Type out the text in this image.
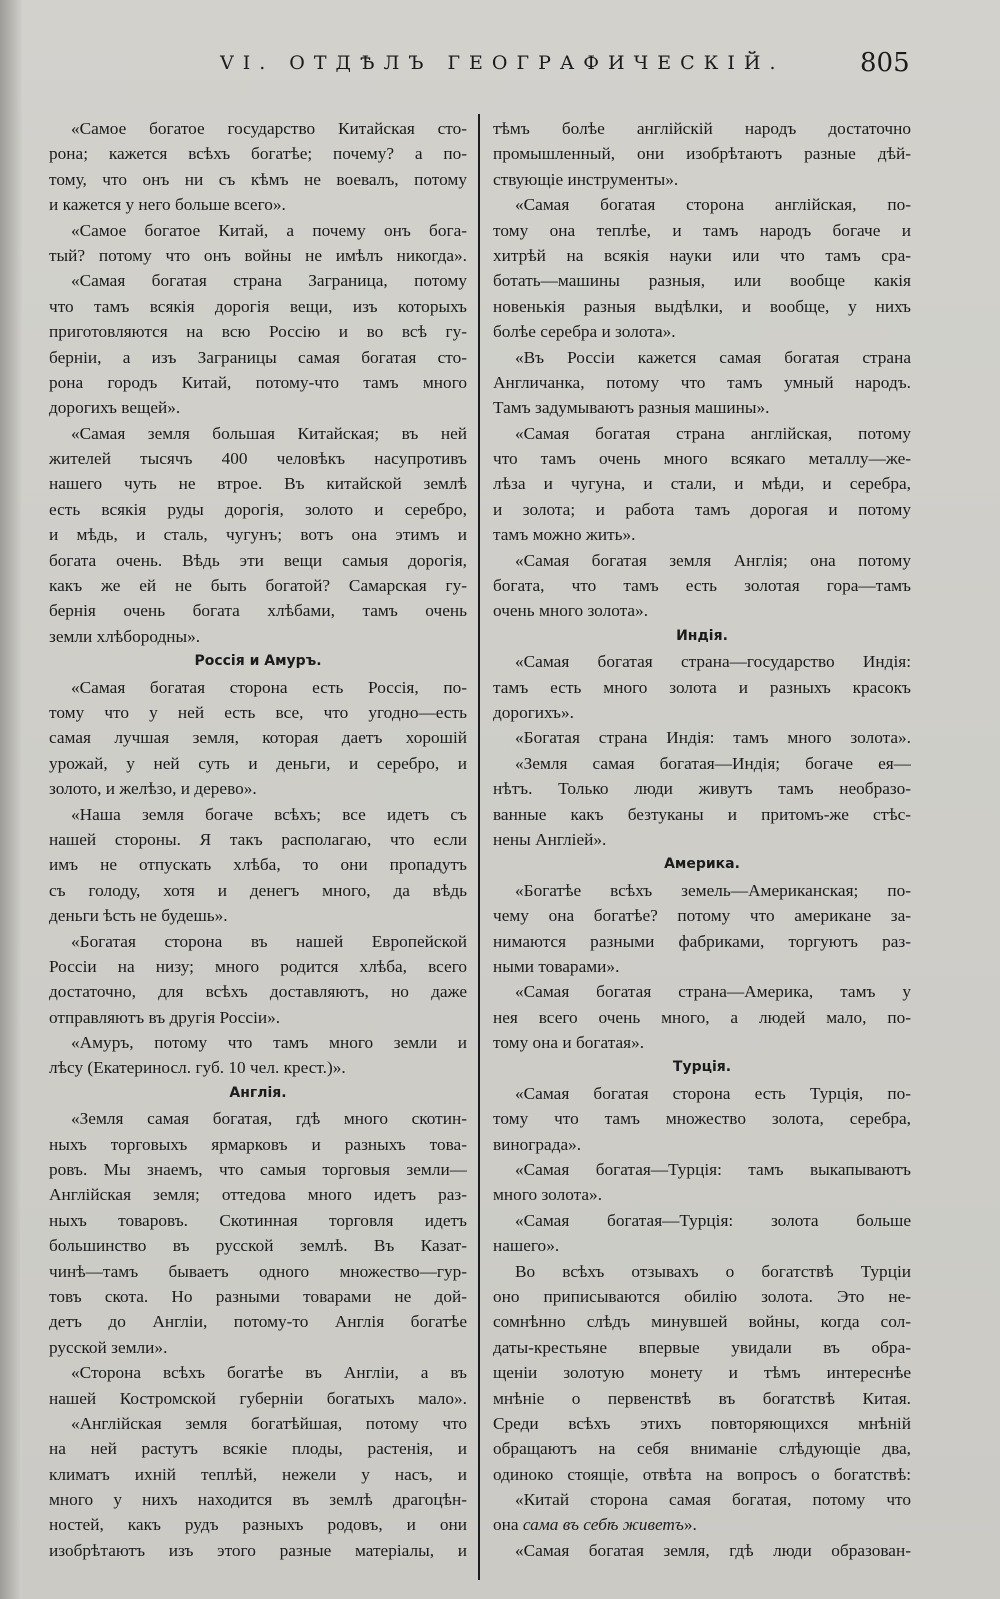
VI. ОТДѢЛЪ ГЕОГРАФИЧЕСКІЙ.	805
«Самое богатое государство Китайская сто-
рона; кажется всѣхъ богатѣе; почему? а по-
тому, что онъ ни съ кѣмъ не воевалъ, потому
и кажется у него больше всего».
«Самое богатое Китай, а почему онъ бога-
тый? потому что онъ войны не имѣлъ никогда».
«Самая богатая страна Заграница, потому
что тамъ всякія дорогія вещи, изъ которыхъ
приготовляются на всю Россію и во всѣ гу-
берніи, а изъ Заграницы самая богатая сто-
рона городъ Китай, потому-что тамъ много
дорогихъ вещей».
«Самая земля большая Китайская; въ ней
жителей тысячъ 400 человѣкъ насупротивъ
нашего чуть не втрое. Въ китайской землѣ
есть всякія руды дорогія, золото и серебро,
и мѣдь, и сталь, чугунъ; вотъ она этимъ и
богата очень. Вѣдь эти вещи самыя дорогія,
какъ же ей не быть богатой? Самарская гу-
бернія очень богата хлѣбами, тамъ очень
земли хлѣбородны».
Россія и Амуръ.
«Самая богатая сторона есть Россія, по-
тому что у ней есть все, что угодно—есть
самая лучшая земля, которая даетъ хорошій
урожай, у ней суть и деньги, и серебро, и
золото, и желѣзо, и дерево».
«Наша земля богаче всѣхъ; все идетъ съ
нашей стороны. Я такъ располагаю, что если
имъ не отпускать хлѣба, то они пропадутъ
съ голоду, хотя и денегъ много, да вѣдь
деньги ѣсть не будешь».
«Богатая сторона въ нашей Европейской
Россіи на низу; много родится хлѣба, всего
достаточно, для всѣхъ доставляютъ, но даже
отправляютъ въ другія Россіи».
«Амуръ, потому что тамъ много земли и
лѣсу (Екатериносл. губ. 10 чел. крест.)».
Англія.
«Земля самая богатая, гдѣ много скотин-
ныхъ торговыхъ ярмарковъ и разныхъ това-
ровъ. Мы знаемъ, что самыя торговыя земли—
Англійская земля; оттедова много идетъ раз-
ныхъ товаровъ. Скотинная торговля идетъ
большинство въ русской землѣ. Въ Казат-
чинѣ—тамъ бываетъ одного множество—гур-
товъ скота. Но разными товарами не дой-
детъ до Англіи, потому-то Англія богатѣе
русской земли».
«Сторона всѣхъ богатѣе въ Англіи, а въ
нашей Костромской губерніи богатыхъ мало».
«Англійская земля богатѣйшая, потому что
на ней растутъ всякіе плоды, растенія, и
климатъ ихній теплѣй, нежели у насъ, и
много у нихъ находится въ землѣ драгоцѣн-
ностей, какъ рудъ разныхъ родовъ, и они
изобрѣтаютъ изъ этого разные матеріалы, и
тѣмъ болѣе англійскій народъ достаточно
промышленный, они изобрѣтаютъ разные дѣй-
ствующіе инструменты».
«Самая богатая сторона англійская, по-
тому она теплѣе, и тамъ народъ богаче и
хитрѣй на всякія науки или что тамъ сра-
ботать—машины разныя, или вообще какія
новенькія разныя выдѣлки, и вообще, у нихъ
болѣе серебра и золота».
«Въ Россіи кажется самая богатая страна
Англичанка, потому что тамъ умный народъ.
Тамъ задумываютъ разныя машины».
«Самая богатая страна англійская, потому
что тамъ очень много всякаго металлу—же-
лѣза и чугуна, и стали, и мѣди, и серебра,
и золота; и работа тамъ дорогая и потому
тамъ можно жить».
«Самая богатая земля Англія; она потому
богата, что тамъ есть золотая гора—тамъ
очень много золота».
Индія.
«Самая богатая страна—государство Индія:
тамъ есть много золота и разныхъ красокъ
дорогихъ».
«Богатая страна Индія: тамъ много золота».
«Земля самая богатая—Индія; богаче ея—
нѣтъ. Только люди живутъ тамъ необразо-
ванные какъ безтуканы и притомъ-же стѣс-
нены Англіей».
Америка.
«Богатѣе всѣхъ земель—Американская; по-
чему она богатѣе? потому что американе за-
нимаются разными фабриками, торгуютъ раз-
ными товарами».
«Самая богатая страна—Америка, тамъ у
нея всего очень много, а людей мало, по-
тому она и богатая».
Турція.
«Самая богатая сторона есть Турція, по-
тому что тамъ множество золота, серебра,
винограда».
«Самая богатая—Турція: тамъ выкапываютъ
много золота».
«Самая богатая—Турція: золота больше
нашего».
Во всѣхъ отзывахъ о богатствѣ Турціи
оно приписываются обилію золота. Это не-
сомнѣнно слѣдъ минувшей войны, когда сол-
даты-крестьяне впервые увидали въ обра-
щеніи золотую монету и тѣмъ интереснѣе
мнѣніе о первенствѣ въ богатствѣ Китая.
Среди всѣхъ этихъ повторяющихся мнѣній
обращаютъ на себя вниманіе слѣдующіе два,
одиноко стоящіе, отвѣта на вопросъ о богатствѣ:
«Китай сторона самая богатая, потому что
она сама въ себѣ живетъ».
«Самая богатая земля, гдѣ люди образован-
